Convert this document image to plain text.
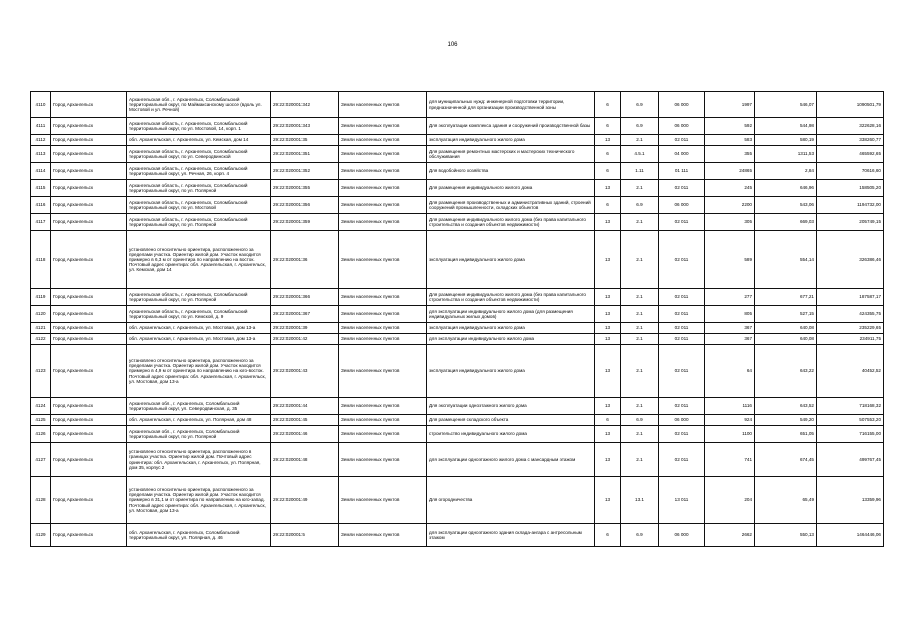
106
4110	Город Архангельск	Архангельская обл., г. Архангельск, Соломбальский территориальный округ, по Маймаксанскому шоссе (вдоль ул. Мостовой и ул. Речной)	29:22:020001:342	Земли населенных пунктов	для муниципальных нужд: инженерной подготовки территории, предназначенной для организации производственной зоны	6	6.9	06 000	1997	546,07	1090501,79
4111	Город Архангельск	Архангельская область, г. Архангельск, Соломбальский территориальный округ, по ул. Мостовой, 14, корп. 1	29:22:020001:343	Земли населенных пунктов	Для эксплуатации комплекса здания и сооружений производственной базы	6	6.9	06 000	592	544,98	322628,16
4112	Город Архангельск	обл. Архангельская, г. Архангельск, ул. Кемская, дом 14	29:22:020001:35	Земли населенных пунктов	эксплуатация индивидуального жилого дома	13	2.1	02 011	583	580,19	338260,77
4113	Город Архангельск	Архангельская область, г. Архангельск, Соломбальский территориальный округ, по ул. Северодвинской	29:22:020001:351	Земли населенных пунктов	Для размещения ремонтных мастерских и мастерских технического обслуживания	6	4.5.1	04 000	355	1311,53	465592,65
4114	Город Архангельск	Архангельская область, г. Архангельск, Соломбальский территориальный округ, ул. Речная, 26, корп. 4	29:22:020001:352	Земли населенных пунктов	Для водобойного хозяйства	6	1.11	01 111	24865	2,84	70616,60
4115	Город Архангельск	Архангельская область, г. Архангельск, Соломбальский территориальный округ, по ул. Полярной	29:22:020001:355	Земли населенных пунктов	Для размещения индивидуального жилого дома	13	2.1	02 011	245	646,96	158505,20
4116	Город Архангельск	Архангельская область, г. Архангельск, Соломбальский территориальный округ, по ул. Мостовой	29:22:020001:356	Земли населенных пунктов	Для размещения производственных и административных зданий, строений сооружений промышленности, складских объектов	6	6.9	06 000	2200	543,06	1194732,00
4117	Город Архангельск	Архангельская область, г. Архангельск, Соломбальский территориальный округ, по ул. Полярной	29:22:020001:359	Земли населенных пунктов	Для размещения индивидуального жилого дома (без права капитального строительства и создания объектов недвижимости)	13	2.1	02 011	305	669,03	205749,15
4118	Город Архангельск	установлено относительно ориентира, расположенного за пределами участка. Ориентир жилой дом. Участок находится примерно в 6,3 м от ориентира по направлению на восток. Почтовый адрес ориентира: обл. Архангельская, г. Архангельск, ул. Кемская, дом 14	29:22:020001:36	Земли населенных пунктов	эксплуатация индивидуального жилого дома	13	2.1	02 011	589	554,14	326386,46
4119	Город Архангельск	Архангельская область, г. Архангельск, Соломбальский территориальный округ, по ул. Полярной	29:22:020001:366	Земли населенных пунктов	Для размещения индивидуального жилого дома (без права капитального строительства и создания объектов недвижимости)	13	2.1	02 011	277	677,21	187587,17
4120	Город Архангельск	Архангельская область, г. Архангельск, Соломбальский территориальный округ, по ул. Кемской, д. 9	29:22:020001:367	Земли населенных пунктов	для эксплуатации индивидуального жилого дома (для размещения индивидуальных жилых домов)	13	2.1	02 011	805	527,15	424355,75
4121	Город Архангельск	обл. Архангельская, г. Архангельск, ул. Мостовая, дом 13-а	29:22:020001:39	Земли населенных пунктов	эксплуатация индивидуального жилого дома	13	2.1	02 011	367	640,08	235229,65
4122	Город Архангельск	обл. Архангельская, г. Архангельск, ул. Мостовая, дом 13-а	29:22:020001:42	Земли населенных пунктов	для эксплуатации индивидуального жилого дома	13	2.1	02 011	367	640,08	234911,75
4123	Город Архангельск	установлено относительно ориентира, расположенного за пределами участка. Ориентир жилой дом. Участок находится примерно в 4,9 м от ориентира по направлению на юго-восток. Почтовый адрес ориентира: обл. Архангельская, г. Архангельск, ул. Мостовая, дом 13-а	29:22:020001:43	Земли населенных пунктов	эксплуатация индивидуального жилого дома	13	2.1	02 011	64	643,22	40452,52
4124	Город Архангельск	Архангельская обл., г. Архангельск, Соломбальский территориальный округ, ул. Северодвинская, д. 35	29:22:020001:44	Земли населенных пунктов	Для эксплуатации одноэтажного жилого дома	13	2.1	02 011	1116	643,52	718168,32
4125	Город Архангельск	обл. Архангельская, г. Архангельск, ул. Полярная, дом 48	29:22:020001:45	Земли населенных пунктов	Для размещения складского объекта	6	6.9	06 000	924	549,20	507553,20
4126	Город Архангельск	Архангельская обл., г. Архангельск, Соломбальский территориальный округ, по ул. Полярной	29:22:020001:46	Земли населенных пунктов	строительство индивидуального жилого дома	13	2.1	02 011	1100	651,05	716155,00
4127	Город Архангельск	установлено относительно ориентира, расположенного в границах участка. Ориентир жилой дом. Почтовый адрес ориентира: обл. Архангельская, г. Архангельск, ул. Полярная, дом 35, корпус 2	29:22:020001:48	Земли населенных пунктов	для эксплуатации одноэтажного жилого дома с мансардным этажом	13	2.1	02 011	741	674,45	499767,45
4128	Город Архангельск	установлено относительно ориентира, расположенного за пределами участка. Ориентир жилой дом. Участок находится примерно в 31,1 м от ориентира по направлению на юго-запад. Почтовый адрес ориентира: обл. Архангельская, г. Архангельск, ул. Мостовая, дом 13-а	29:22:020001:49	Земли населенных пунктов	Для огородничества	13	13.1	13 011	204	65,49	13359,96
4129	Город Архангельск	обл. Архангельская, г. Архангельск, Соломбальский территориальный округ, ул. Полярная, д. 46	29:22:020001:5	Земли населенных пунктов	для эксплуатации одноэтажного здания склада-ангара с антресольным этажом	6	6.9	06 000	2662	550,13	1464446,06
